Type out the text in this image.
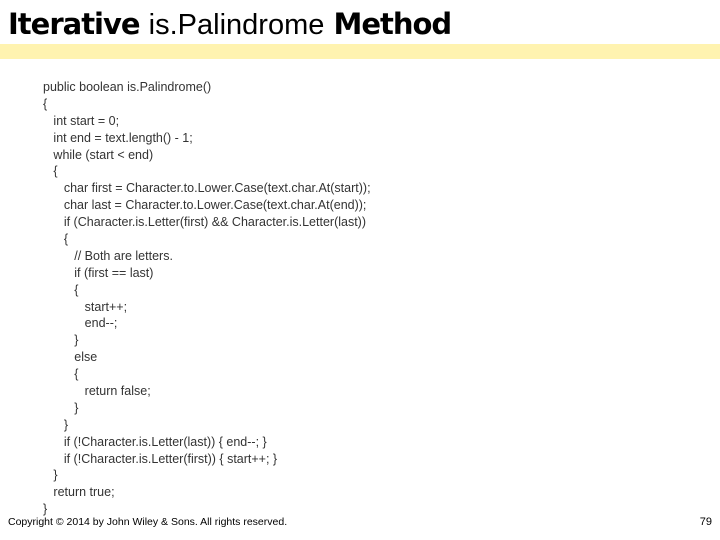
Iterative is.Palindrome Method
public boolean is.Palindrome()
{
int start = 0;
int end = text.length() - 1;
while (start < end)
{
char first = Character.to.Lower.Case(text.char.At(start));
char last = Character.to.Lower.Case(text.char.At(end));
if (Character.is.Letter(first) && Character.is.Letter(last))
{
// Both are letters.
if (first == last)
{
start++;
end--;
}
else
{
return false;
}
}
if (!Character.is.Letter(last)) { end--; }
if (!Character.is.Letter(first)) { start++; }
}
return true;
}
Copyright © 2014 by John Wiley & Sons. All rights reserved.	79
